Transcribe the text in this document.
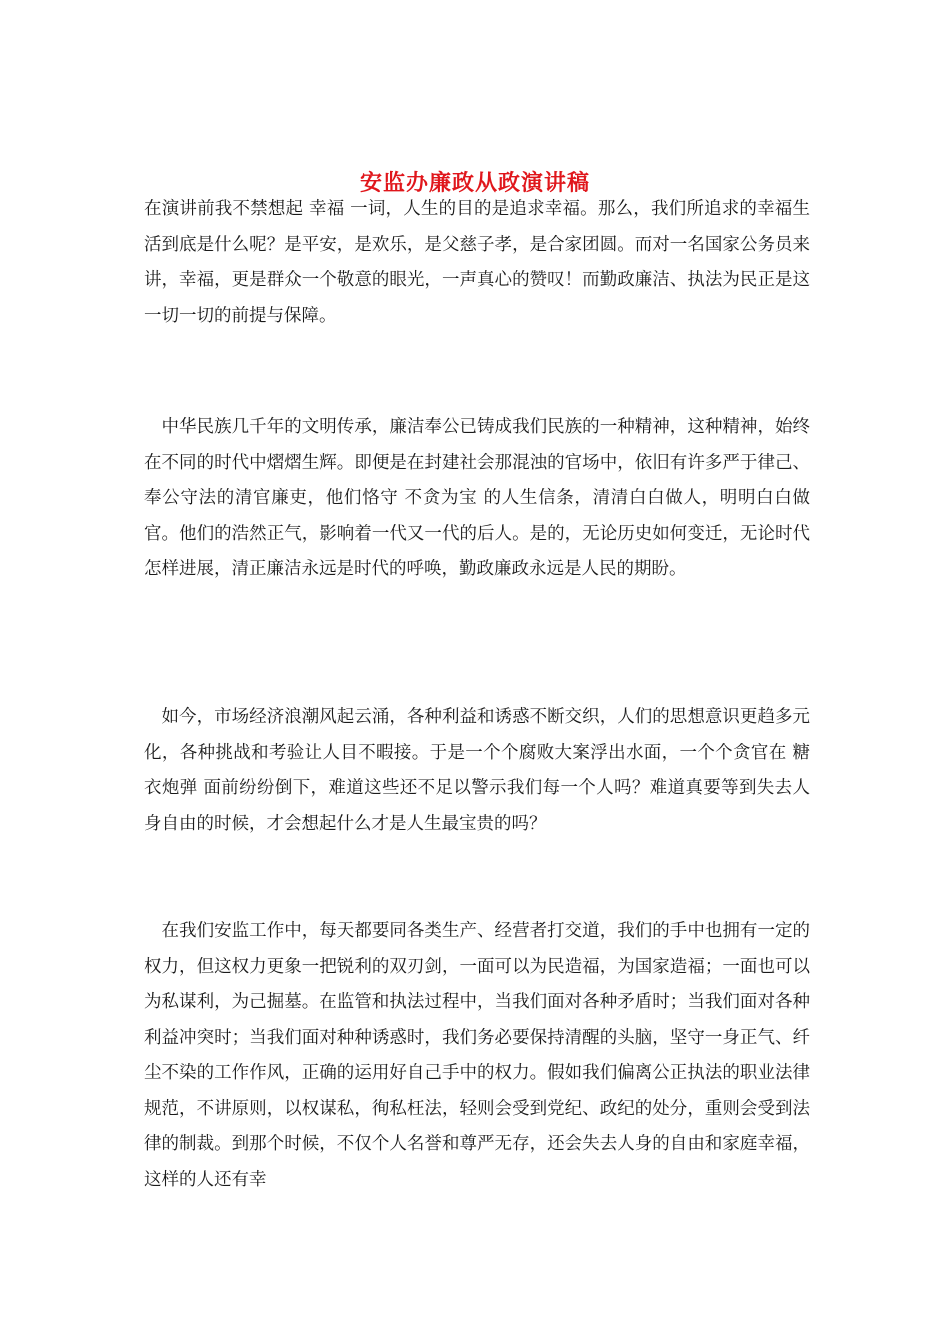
安监办廉政从政演讲稿

在演讲前我不禁想起 幸福 一词，人生的目的是追求幸福。那么，我们所追求的幸福生活到底是什么呢？是平安，是欢乐，是父慈子孝，是合家团圆。而对一名国家公务员来讲，幸福，更是群众一个敬意的眼光，一声真心的赞叹！而勤政廉洁、执法为民正是这一切一切的前提与保障。

　中华民族几千年的文明传承，廉洁奉公已铸成我们民族的一种精神，这种精神，始终在不同的时代中熠熠生辉。即便是在封建社会那混浊的官场中，依旧有许多严于律己、奉公守法的清官廉吏，他们恪守 不贪为宝 的人生信条，清清白白做人，明明白白做官。他们的浩然正气，影响着一代又一代的后人。是的，无论历史如何变迁，无论时代怎样进展，清正廉洁永远是时代的呼唤，勤政廉政永远是人民的期盼。

　如今，市场经济浪潮风起云涌，各种利益和诱惑不断交织，人们的思想意识更趋多元化，各种挑战和考验让人目不暇接。于是一个个腐败大案浮出水面，一个个贪官在 糖衣炮弹 面前纷纷倒下，难道这些还不足以警示我们每一个人吗？难道真要等到失去人身自由的时候，才会想起什么才是人生最宝贵的吗？

　在我们安监工作中，每天都要同各类生产、经营者打交道，我们的手中也拥有一定的权力，但这权力更象一把锐利的双刃剑，一面可以为民造福，为国家造福；一面也可以为私谋利，为己掘墓。在监管和执法过程中，当我们面对各种矛盾时；当我们面对各种利益冲突时；当我们面对种种诱惑时，我们务必要保持清醒的头脑，坚守一身正气、纤尘不染的工作作风，正确的运用好自己手中的权力。假如我们偏离公正执法的职业法律规范，不讲原则，以权谋私，徇私枉法，轻则会受到党纪、政纪的处分，重则会受到法律的制裁。到那个时候，不仅个人名誉和尊严无存，还会失去人身的自由和家庭幸福，这样的人还有幸
